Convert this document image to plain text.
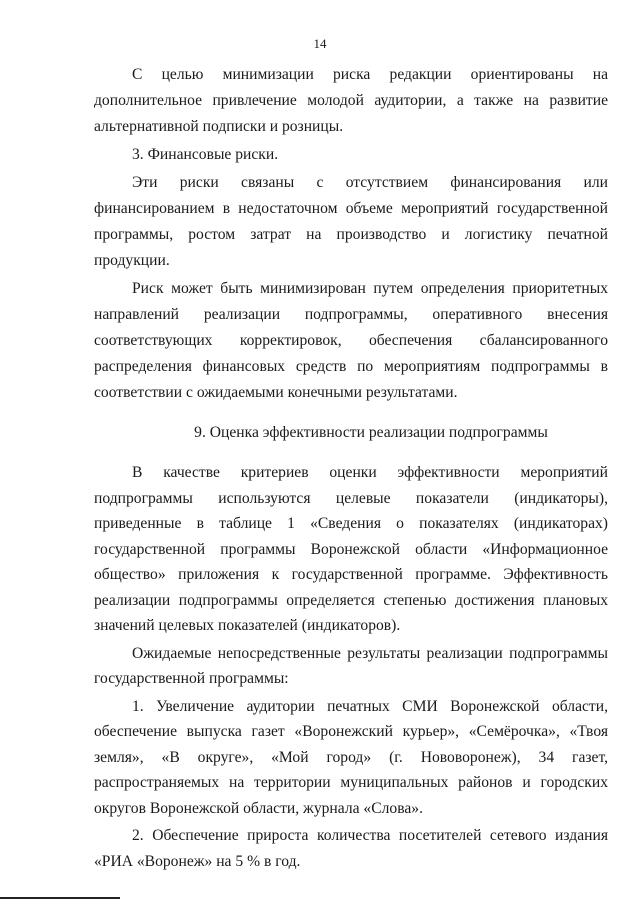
14

С целью минимизации риска редакции ориентированы на дополнительное привлечение молодой аудитории, а также на развитие альтернативной подписки и розницы.

3. Финансовые риски.

Эти риски связаны с отсутствием финансирования или финансированием в недостаточном объеме мероприятий государственной программы, ростом затрат на производство и логистику печатной продукции.

Риск может быть минимизирован путем определения приоритетных направлений реализации подпрограммы, оперативного внесения соответствующих корректировок, обеспечения сбалансированного распределения финансовых средств по мероприятиям подпрограммы в соответствии с ожидаемыми конечными результатами.

9. Оценка эффективности реализации подпрограммы

В качестве критериев оценки эффективности мероприятий подпрограммы используются целевые показатели (индикаторы), приведенные в таблице 1 «Сведения о показателях (индикаторах) государственной программы Воронежской области «Информационное общество» приложения к государственной программе. Эффективность реализации подпрограммы определяется степенью достижения плановых значений целевых показателей (индикаторов).

Ожидаемые непосредственные результаты реализации подпрограммы государственной программы:

1. Увеличение аудитории печатных СМИ Воронежской области, обеспечение выпуска газет «Воронежский курьер», «Семёрочка», «Твоя земля», «В округе», «Мой город» (г. Нововоронеж), 34 газет, распространяемых на территории муниципальных районов и городских округов Воронежской области, журнала «Слова».

2. Обеспечение прироста количества посетителей сетевого издания «РИА «Воронеж» на 5 % в год.
